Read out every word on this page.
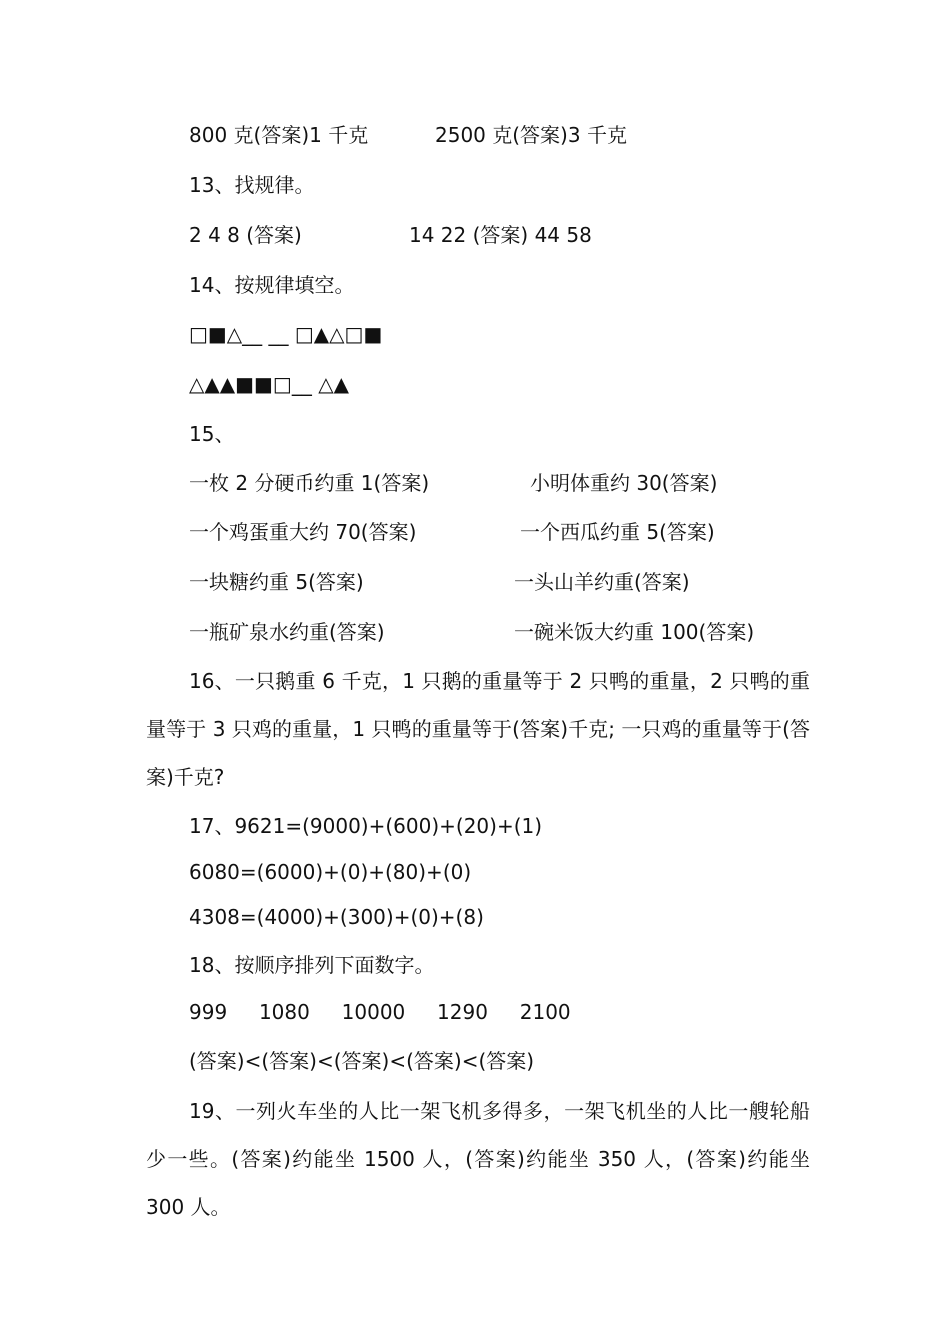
800 克(答案)1 千克	2500 克(答案)3 千克
13、找规律。
2 4 8 (答案)	14 22 (答案) 44 58
14、按规律填空。
□■△__ __ □▲△□■
△▲▲■■□__ △▲
15、
一枚 2 分硬币约重 1(答案)	小明体重约 30(答案)
一个鸡蛋重大约 70(答案)	一个西瓜约重 5(答案)
一块糖约重 5(答案)	一头山羊约重(答案)
一瓶矿泉水约重(答案)	一碗米饭大约重 100(答案)
16、一只鹅重 6 千克，1 只鹅的重量等于 2 只鸭的重量，2 只鸭的重量等于 3 只鸡的重量，1 只鸭的重量等于(答案)千克; 一只鸡的重量等于(答案)千克?
17、9621=(9000)+(600)+(20)+(1)
6080=(6000)+(0)+(80)+(0)
4308=(4000)+(300)+(0)+(8)
18、按顺序排列下面数字。
999     1080     10000     1290     2100
(答案)<(答案)<(答案)<(答案)<(答案)
19、一列火车坐的人比一架飞机多得多，一架飞机坐的人比一艘轮船少一些。(答案)约能坐 1500 人，(答案)约能坐 350 人，(答案)约能坐 300 人。
